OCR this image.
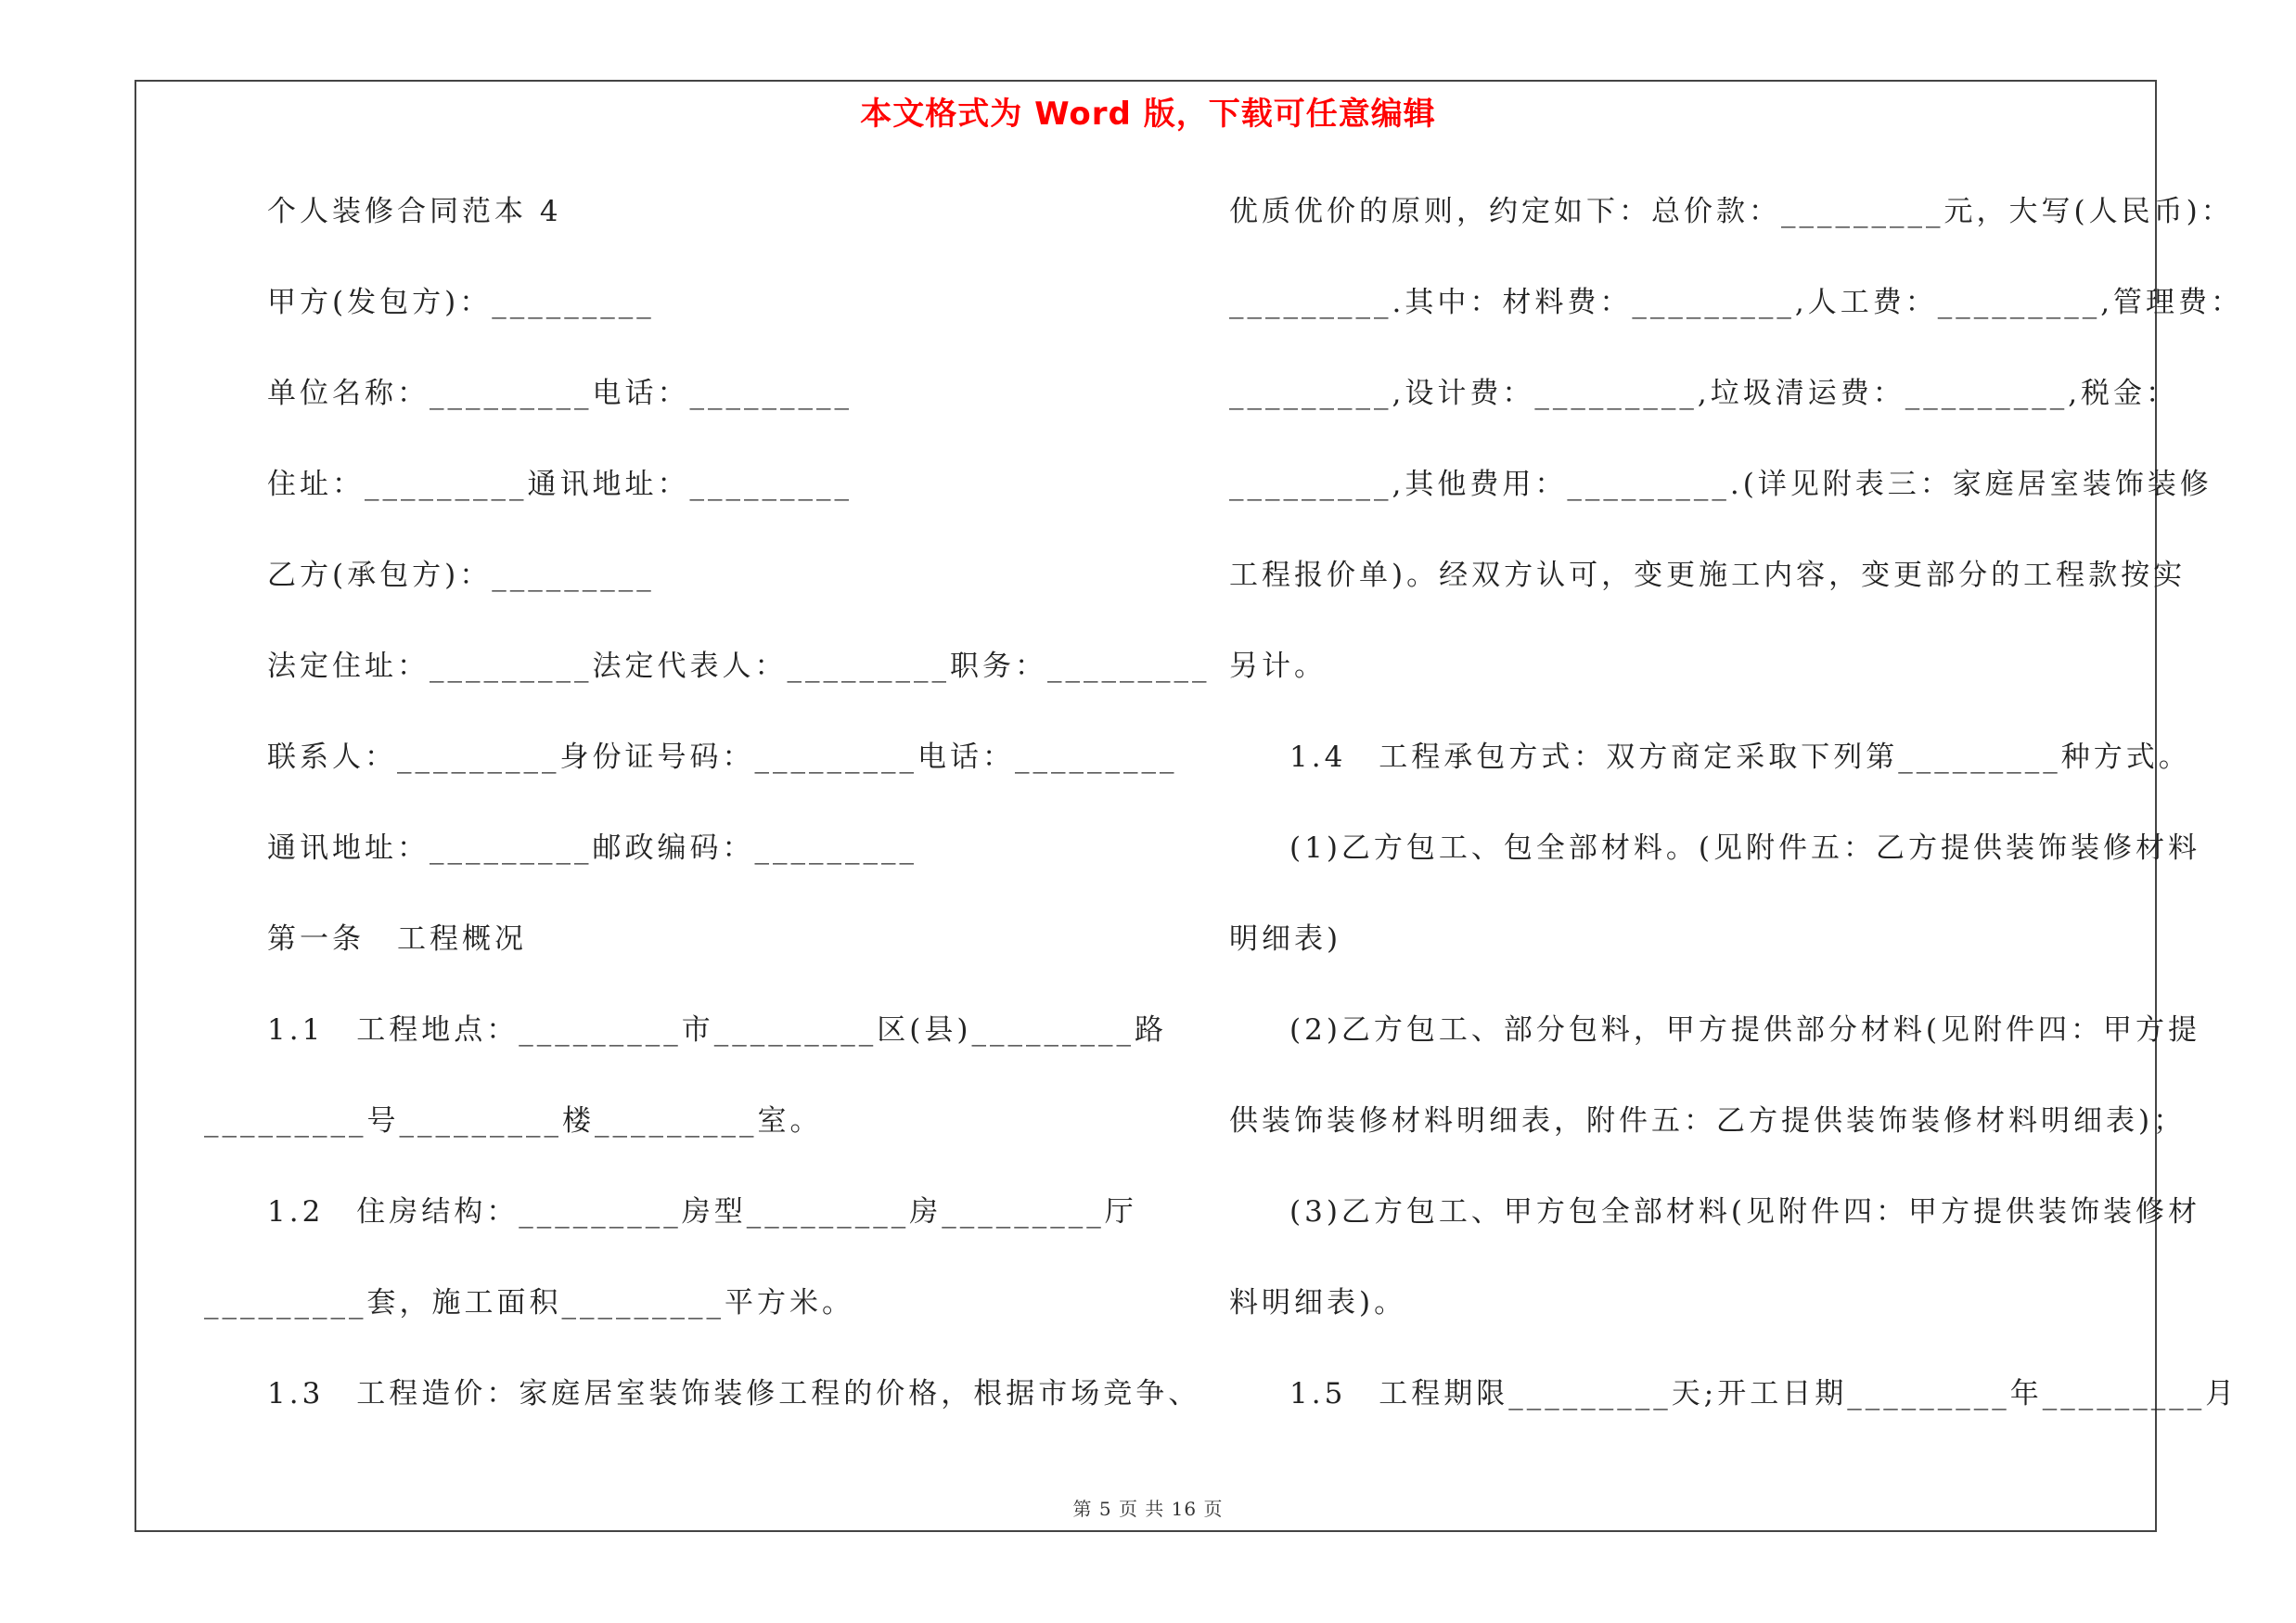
本文格式为 Word 版，下载可任意编辑
个人装修合同范本 4
甲方(发包方)：_________
单位名称：_________电话：_________
住址：_________通讯地址：_________
乙方(承包方)：_________
法定住址：_________法定代表人：_________职务：_________
联系人：_________身份证号码：_________电话：_________
通讯地址：_________邮政编码：_________
第一条　工程概况
1.1　工程地点：_________市_________区(县)_________路
_________号_________楼_________室。
1.2　住房结构：_________房型_________房_________厅
_________套，施工面积_________平方米。
1.3　工程造价：家庭居室装饰装修工程的价格，根据市场竞争、
优质优价的原则，约定如下：总价款：_________元，大写(人民币)：
_________.其中：材料费：_________,人工费：_________,管理费：
_________,设计费：_________,垃圾清运费：_________,税金：
_________,其他费用：_________.(详见附表三：家庭居室装饰装修
工程报价单)。经双方认可，变更施工内容，变更部分的工程款按实
另计。
1.4　工程承包方式：双方商定采取下列第_________种方式。
(1)乙方包工、包全部材料。(见附件五：乙方提供装饰装修材料
明细表)
(2)乙方包工、部分包料，甲方提供部分材料(见附件四：甲方提
供装饰装修材料明细表，附件五：乙方提供装饰装修材料明细表)；
(3)乙方包工、甲方包全部材料(见附件四：甲方提供装饰装修材
料明细表)。
1.5　工程期限_________天;开工日期_________年_________月
第 5 页 共 16 页
